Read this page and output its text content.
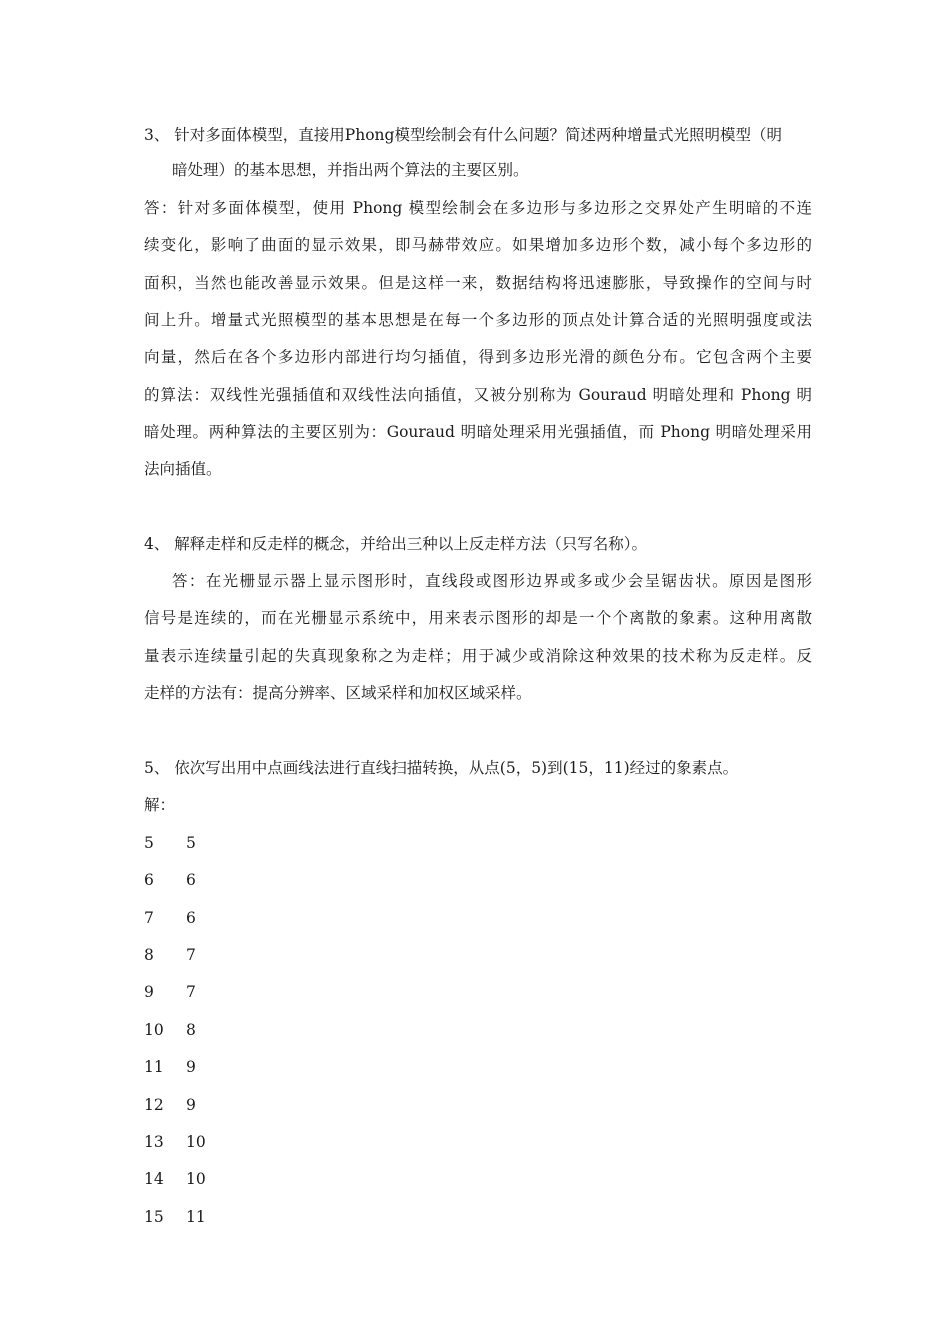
3、 针对多面体模型，直接用Phong模型绘制会有什么问题？简述两种增量式光照明模型（明
暗处理）的基本思想，并指出两个算法的主要区别。
答：针对多面体模型，使用 Phong 模型绘制会在多边形与多边形之交界处产生明暗的不连
续变化，影响了曲面的显示效果，即马赫带效应。如果增加多边形个数，减小每个多边形的
面积，当然也能改善显示效果。但是这样一来，数据结构将迅速膨胀，导致操作的空间与时
间上升。增量式光照模型的基本思想是在每一个多边形的顶点处计算合适的光照明强度或法
向量，然后在各个多边形内部进行均匀插值，得到多边形光滑的颜色分布。它包含两个主要
的算法：双线性光强插值和双线性法向插值，又被分别称为 Gouraud 明暗处理和 Phong 明
暗处理。两种算法的主要区别为：Gouraud 明暗处理采用光强插值，而 Phong 明暗处理采用
法向插值。
4、 解释走样和反走样的概念，并给出三种以上反走样方法（只写名称）。
答：在光栅显示器上显示图形时，直线段或图形边界或多或少会呈锯齿状。原因是图形
信号是连续的，而在光栅显示系统中，用来表示图形的却是一个个离散的象素。这种用离散
量表示连续量引起的失真现象称之为走样；用于减少或消除这种效果的技术称为反走样。反
走样的方法有：提高分辨率、区域采样和加权区域采样。
5、 依次写出用中点画线法进行直线扫描转换，从点(5，5)到(15，11)经过的象素点。
解：
5 5
6 6
7 6
8 7
9 7
10 8
11 9
12 9
13 10
14 10
15 11
